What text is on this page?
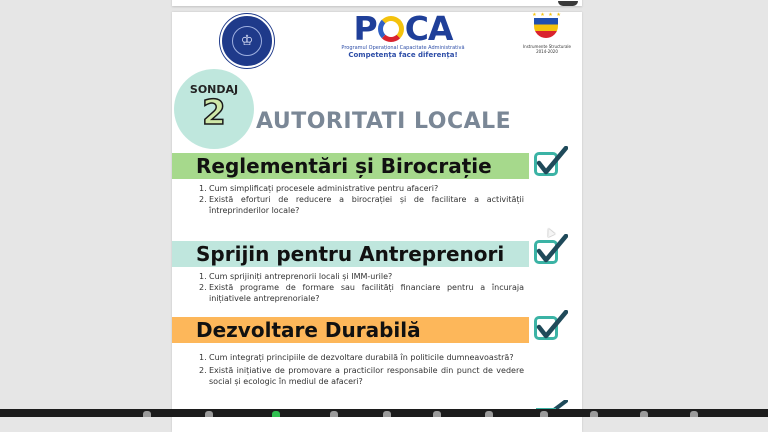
♔	P CA
Programul Operațional Capacitate Administrativă
Competența face diferența!
★ ★ ★ ★
Instrumente Structurale 2014-2020
SONDAJ
2	AUTORITATI LOCALE
Reglementări și Birocrație
1. Cum simplificați procesele administrative pentru afaceri?
2. Există eforturi de reducere a birocrației și de facilitare a activității întreprinderilor locale?
Sprijin pentru Antreprenori
1. Cum sprijiniți antreprenorii locali și IMM-urile?
2. Există programe de formare sau facilități financiare pentru a încuraja inițiativele antreprenoriale?
Dezvoltare Durabilă
1. Cum integrați principiile de dezvoltare durabilă în politicile dumneavoastră?
2. Există inițiative de promovare a practicilor responsabile din punct de vedere social și ecologic în mediul de afaceri?
